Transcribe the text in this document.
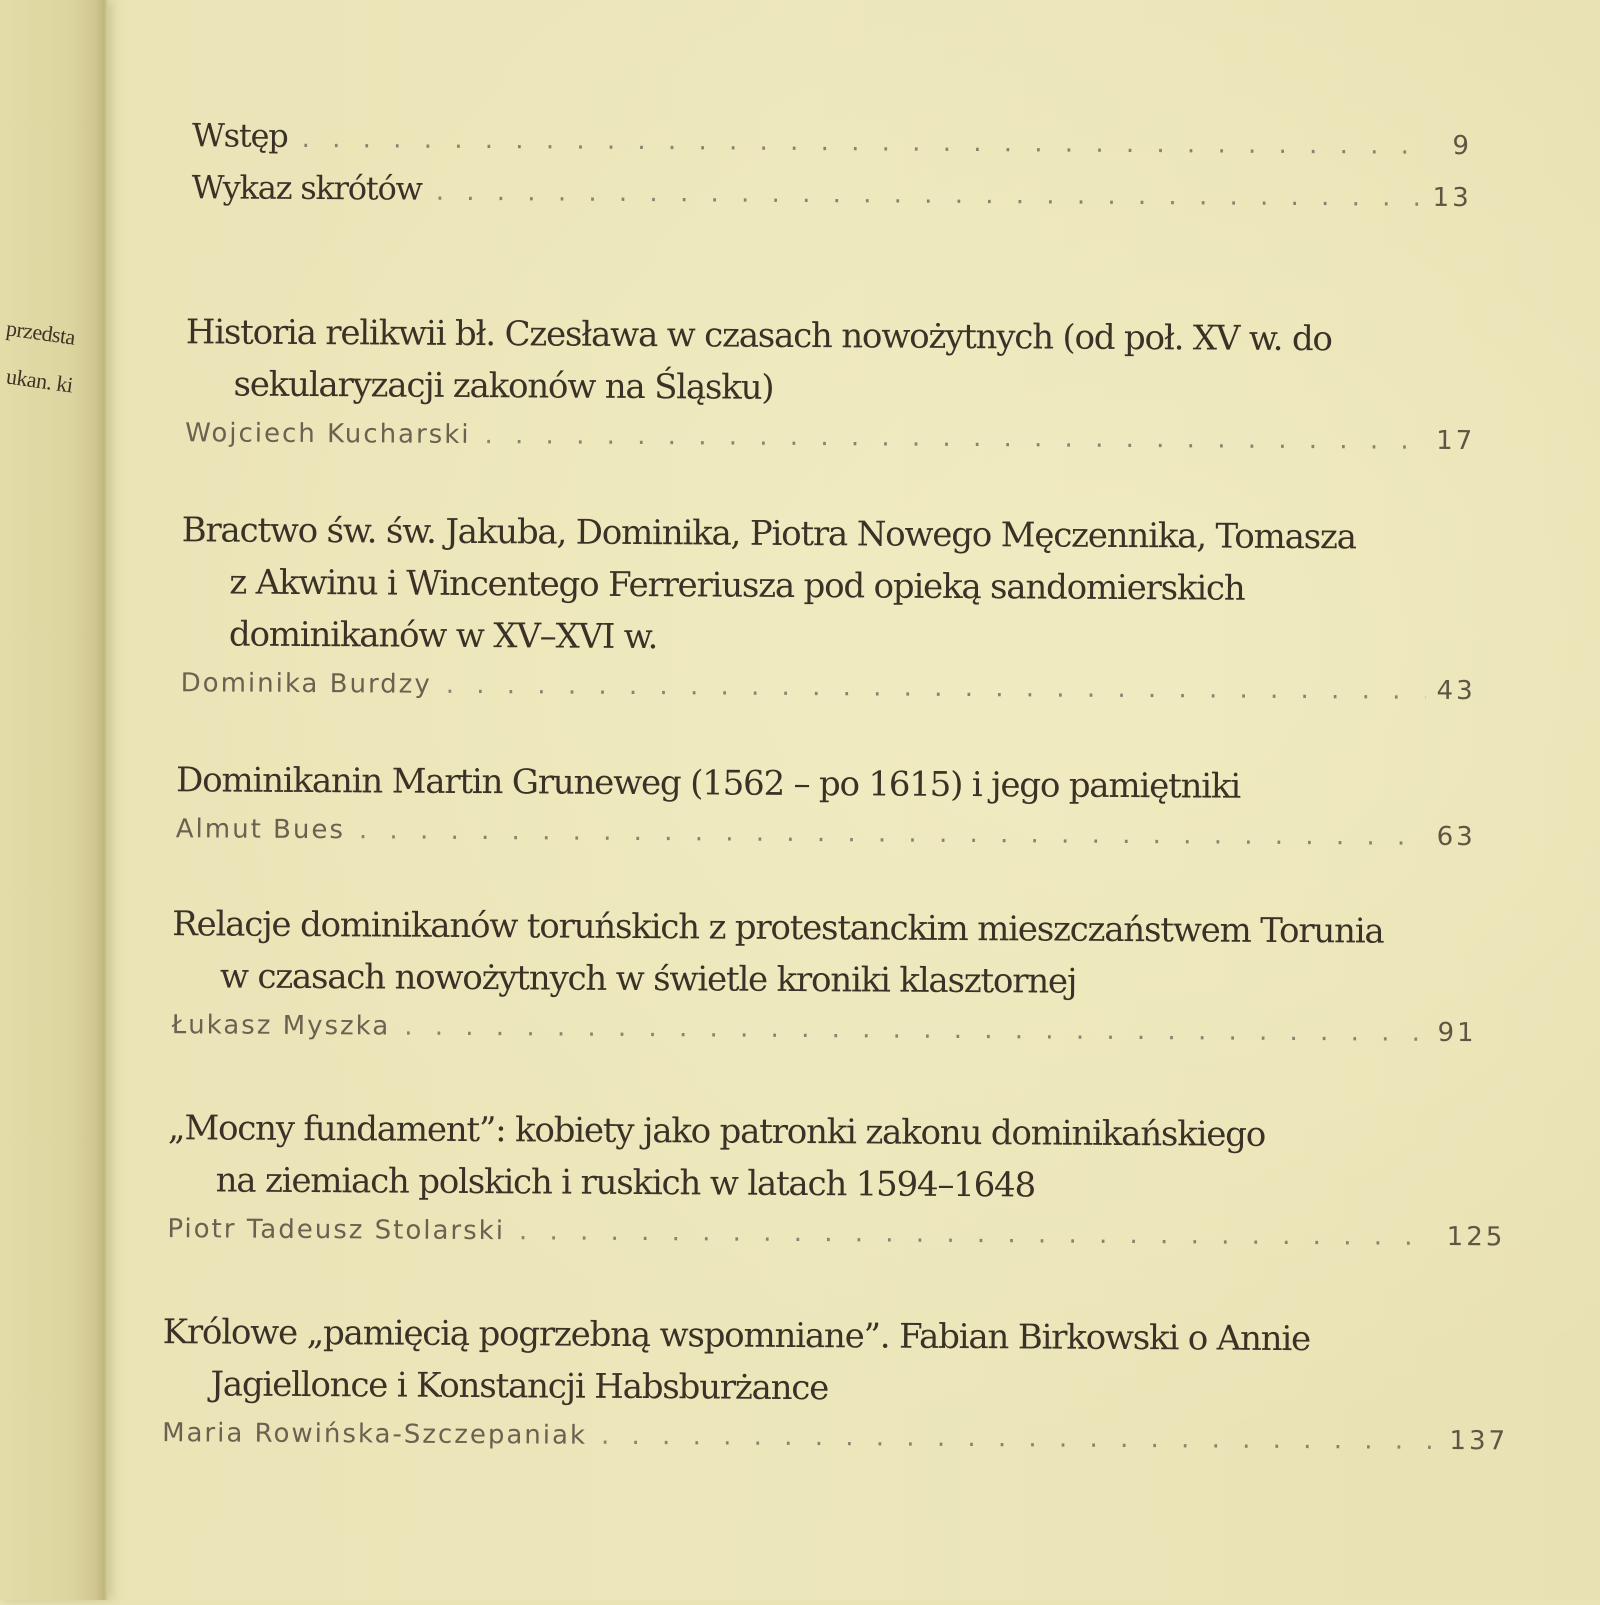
przedsta
ukan. ki
Wstęp . . .	9
Wykaz skrótów . . .	13
Historia relikwii bł. Czesława w czasach nowożytnych (od poł. XV w. do
sekularyzacji zakonów na Śląsku)
Wojciech Kucharski . . .	17
Bractwo św. św. Jakuba, Dominika, Piotra Nowego Męczennika, Tomasza
z Akwinu i Wincentego Ferreriusza pod opieką sandomierskich
dominikanów w XV–XVI w.
Dominika Burdzy . . .	43
Dominikanin Martin Gruneweg (1562 – po 1615) i jego pamiętniki
Almut Bues . . .	63
Relacje dominikanów toruńskich z protestanckim mieszczaństwem Torunia
w czasach nowożytnych w świetle kroniki klasztornej
Łukasz Myszka . . .	91
„Mocny fundament”: kobiety jako patronki zakonu dominikańskiego
na ziemiach polskich i ruskich w latach 1594–1648
Piotr Tadeusz Stolarski . . .	125
Królowe „pamięcią pogrzebną wspomniane”. Fabian Birkowski o Annie
Jagiellonce i Konstancji Habsburżance
Maria Rowińska-Szczepaniak . . .	137
